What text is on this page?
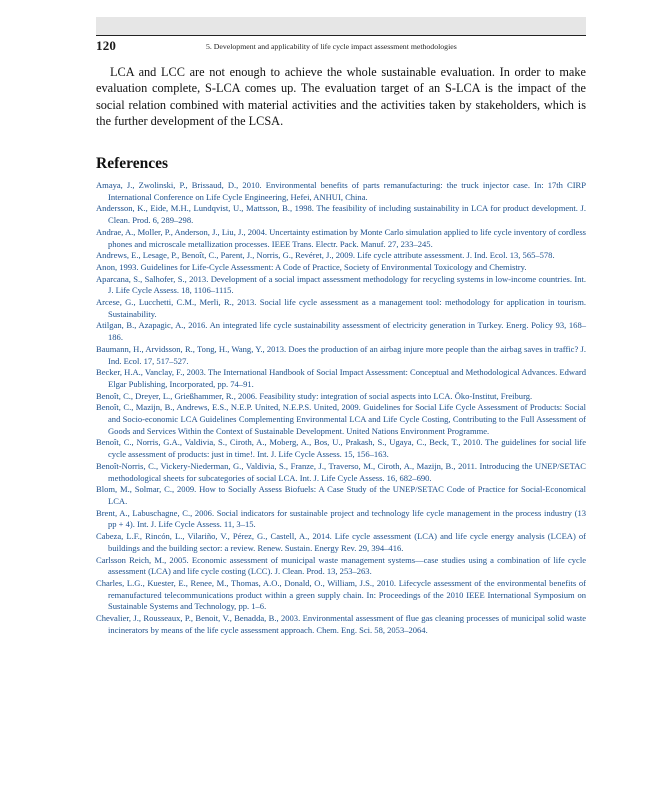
120	5. Development and applicability of life cycle impact assessment methodologies

LCA and LCC are not enough to achieve the whole sustainable evaluation. In order to make evaluation complete, S-LCA comes up. The evaluation target of an S-LCA is the impact of the social relation combined with material activities and the activities taken by stakeholders, which is the further development of the LCSA.

References
Amaya, J., Zwolinski, P., Brissaud, D., 2010. Environmental benefits of parts remanufacturing: the truck injector case. In: 17th CIRP International Conference on Life Cycle Engineering, Hefei, ANHUI, China.
Andersson, K., Eide, M.H., Lundqvist, U., Mattsson, B., 1998. The feasibility of including sustainability in LCA for product development. J. Clean. Prod. 6, 289–298.
Andrae, A., Moller, P., Anderson, J., Liu, J., 2004. Uncertainty estimation by Monte Carlo simulation applied to life cycle inventory of cordless phones and microscale metallization processes. IEEE Trans. Electr. Pack. Manuf. 27, 233–245.
Andrews, E., Lesage, P., Benoît, C., Parent, J., Norris, G., Revéret, J., 2009. Life cycle attribute assessment. J. Ind. Ecol. 13, 565–578.
Anon, 1993. Guidelines for Life-Cycle Assessment: A Code of Practice, Society of Environmental Toxicology and Chemistry.
Aparcana, S., Salhofer, S., 2013. Development of a social impact assessment methodology for recycling systems in low-income countries. Int. J. Life Cycle Assess. 18, 1106–1115.
Arcese, G., Lucchetti, C.M., Merli, R., 2013. Social life cycle assessment as a management tool: methodology for application in tourism. Sustainability.
Atilgan, B., Azapagic, A., 2016. An integrated life cycle sustainability assessment of electricity generation in Turkey. Energ. Policy 93, 168–186.
Baumann, H., Arvidsson, R., Tong, H., Wang, Y., 2013. Does the production of an airbag injure more people than the airbag saves in traffic? J. Ind. Ecol. 17, 517–527.
Becker, H.A., Vanclay, F., 2003. The International Handbook of Social Impact Assessment: Conceptual and Methodological Advances. Edward Elgar Publishing, Incorporated, pp. 74–91.
Benoît, C., Dreyer, L., Grießhammer, R., 2006. Feasibility study: integration of social aspects into LCA. Öko-Institut, Freiburg.
Benoît, C., Mazijn, B., Andrews, E.S., N.E.P. United, N.E.P.S. United, 2009. Guidelines for Social Life Cycle Assessment of Products: Social and Socio-economic LCA Guidelines Complementing Environmental LCA and Life Cycle Costing, Contributing to the Full Assessment of Goods and Services Within the Context of Sustainable Development. United Nations Environment Programme.
Benoît, C., Norris, G.A., Valdivia, S., Ciroth, A., Moberg, A., Bos, U., Prakash, S., Ugaya, C., Beck, T., 2010. The guidelines for social life cycle assessment of products: just in time!. Int. J. Life Cycle Assess. 15, 156–163.
Benoît-Norris, C., Vickery-Niederman, G., Valdivia, S., Franze, J., Traverso, M., Ciroth, A., Mazijn, B., 2011. Introducing the UNEP/SETAC methodological sheets for subcategories of social LCA. Int. J. Life Cycle Assess. 16, 682–690.
Blom, M., Solmar, C., 2009. How to Socially Assess Biofuels: A Case Study of the UNEP/SETAC Code of Practice for Social-Economical LCA.
Brent, A., Labuschagne, C., 2006. Social indicators for sustainable project and technology life cycle management in the process industry (13 pp + 4). Int. J. Life Cycle Assess. 11, 3–15.
Cabeza, L.F., Rincón, L., Vilariño, V., Pérez, G., Castell, A., 2014. Life cycle assessment (LCA) and life cycle energy analysis (LCEA) of buildings and the building sector: a review. Renew. Sustain. Energy Rev. 29, 394–416.
Carlsson Reich, M., 2005. Economic assessment of municipal waste management systems—case studies using a combination of life cycle assessment (LCA) and life cycle costing (LCC). J. Clean. Prod. 13, 253–263.
Charles, L.G., Kuester, E., Renee, M., Thomas, A.O., Donald, O., William, J.S., 2010. Lifecycle assessment of the environmental benefits of remanufactured telecommunications product within a green supply chain. In: Proceedings of the 2010 IEEE International Symposium on Sustainable Systems and Technology, pp. 1–6.
Chevalier, J., Rousseaux, P., Benoit, V., Benadda, B., 2003. Environmental assessment of flue gas cleaning processes of municipal solid waste incinerators by means of the life cycle assessment approach. Chem. Eng. Sci. 58, 2053–2064.
